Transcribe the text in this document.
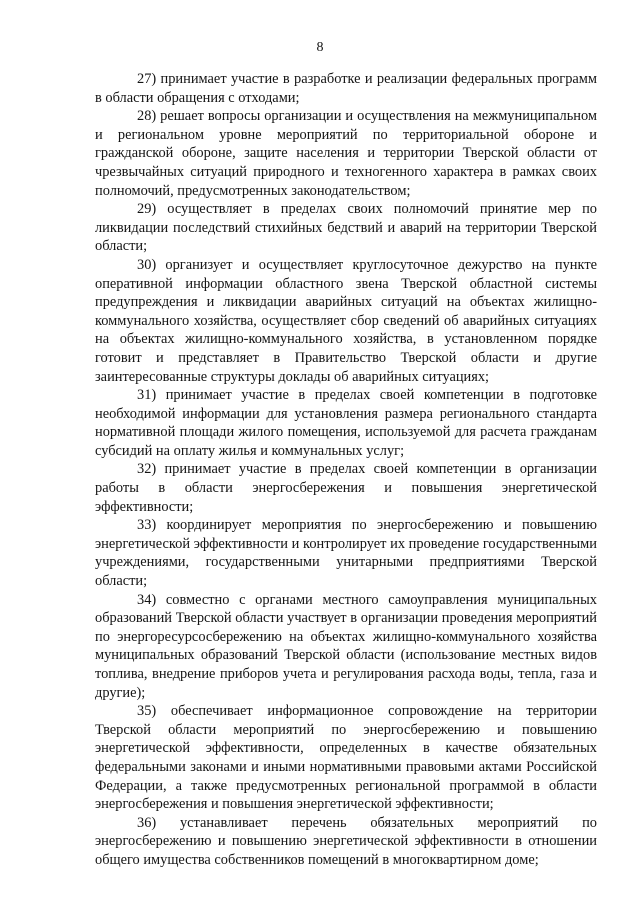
8

27) принимает участие в разработке и реализации федеральных программ в области обращения с отходами;

28) решает вопросы организации и осуществления на межмуниципальном и региональном уровне мероприятий по территориальной обороне и гражданской обороне, защите населения и территории Тверской области от чрезвычайных ситуаций природного и техногенного характера в рамках своих полномочий, предусмотренных законодательством;

29) осуществляет в пределах своих полномочий принятие мер по ликвидации последствий стихийных бедствий и аварий на территории Тверской области;

30) организует и осуществляет круглосуточное дежурство на пункте оперативной информации областного звена Тверской областной системы предупреждения и ликвидации аварийных ситуаций на объектах жилищно-коммунального хозяйства, осуществляет сбор сведений об аварийных ситуациях на объектах жилищно-коммунального хозяйства, в установленном порядке готовит и представляет в Правительство Тверской области и другие заинтересованные структуры доклады об аварийных ситуациях;

31) принимает участие в пределах своей компетенции в подготовке необходимой информации для установления размера регионального стандарта нормативной площади жилого помещения, используемой для расчета гражданам субсидий на оплату жилья и коммунальных услуг;

32) принимает участие в пределах своей компетенции в организации работы в области энергосбережения и повышения энергетической эффективности;

33) координирует мероприятия по энергосбережению и повышению энергетической эффективности и контролирует их проведение государственными учреждениями, государственными унитарными предприятиями Тверской области;

34) совместно с органами местного самоуправления муниципальных образований Тверской области участвует в организации проведения мероприятий по энергоресурсосбережению на объектах жилищно-коммунального хозяйства муниципальных образований Тверской области (использование местных видов топлива, внедрение приборов учета и регулирования расхода воды, тепла, газа и другие);

35) обеспечивает информационное сопровождение на территории Тверской области мероприятий по энергосбережению и повышению энергетической эффективности, определенных в качестве обязательных федеральными законами и иными нормативными правовыми актами Российской Федерации, а также предусмотренных региональной программой в области энергосбережения и повышения энергетической эффективности;

36) устанавливает перечень обязательных мероприятий по энергосбережению и повышению энергетической эффективности в отношении общего имущества собственников помещений в многоквартирном доме;
